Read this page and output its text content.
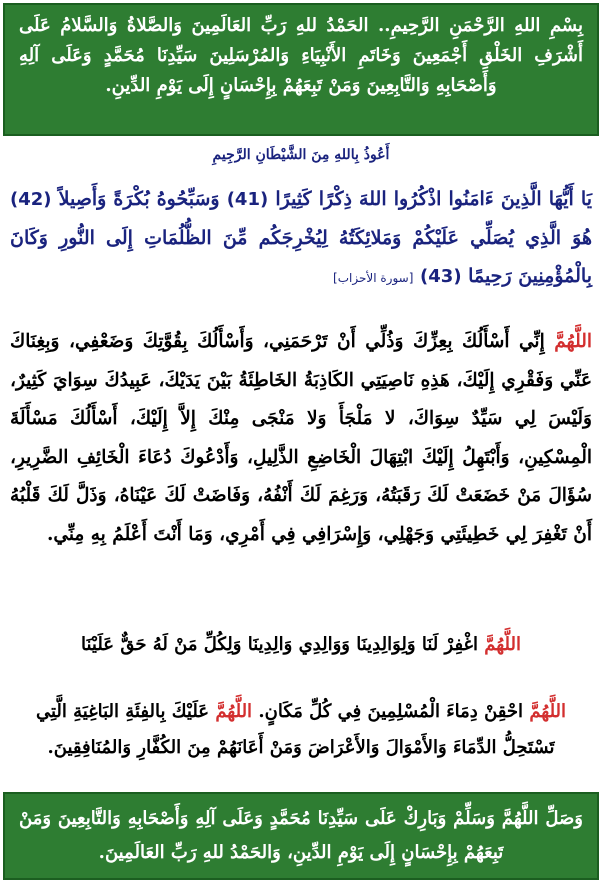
بِسْمِ اللهِ الرَّحْمَنِ الرَّحِيمِ.. الحَمْدُ للهِ رَبِّ العَالَمِينَ وَالصَّلاةُ وَالسَّلامُ عَلَى أَشْرَفِ الخَلْقِ أَجْمَعِينَ وَخَاتَمِ الأَنْبِيَاءِ وَالمُرْسَلِينَ سَيِّدِنَا مُحَمَّدٍ وَعَلَى آلِهِ وَأَصْحَابِهِ وَالتَّابِعِينَ وَمَنْ تَبِعَهُمْ بِإِحْسَانٍ إِلَى يَوْمِ الدِّينِ.
أَعُوذُ بِاللهِ مِنَ الشَّيْطَانِ الرَّجِيمِ
يَا أَيُّهَا الَّذِينَ ءَامَنُوا اذْكُرُوا اللهَ ذِكْرًا كَثِيرًا (41) وَسَبِّحُوهُ بُكْرَةً وَأَصِيلاً (42) هُوَ الَّذِي يُصَلِّي عَلَيْكُمْ وَمَلائِكَتُهُ لِيُخْرِجَكُم مِّنَ الظُّلُمَاتِ إِلَى النُّورِ وَكَانَ بِالْمُؤْمِنِينَ رَحِيمًا (43) [سورة الأحزاب]
اللَّهُمَّ إِنِّي أَسْأَلُكَ بِعِزِّكَ وَذُلِّي أَنْ تَرْحَمَنِي، وَأَسْأَلُكَ بِقُوَّتِكَ وَضَعْفِي، وَبِغِنَاكَ عَنِّي وَفَقْرِي إِلَيْكَ، هَذِهِ نَاصِيَتِي الكَاذِبَةُ الخَاطِئَةُ بَيْنَ يَدَيْكَ، عَبِيدُكَ سِوَايَ كَثِيرٌ، وَلَيْسَ لِي سَيِّدٌ سِوَاكَ، لا مَلْجَأَ وَلا مَنْجَى مِنْكَ إِلاَّ إِلَيْكَ، أَسْأَلُكَ مَسْأَلَةَ الْمِسْكِينِ، وَأَبْتَهِلُ إِلَيْكَ ابْتِهَالَ الْخَاضِعِ الذَّلِيلِ، وَأَدْعُوكَ دُعَاءَ الْخَائِفِ الضَّرِيرِ، سُؤَالَ مَنْ خَضَعَتْ لَكَ رَقَبَتُهُ، وَرَغِمَ لَكَ أَنْفُهُ، وَفَاضَتْ لَكَ عَيْنَاهُ، وَذَلَّ لَكَ قَلْبُهُ أَنْ تَغْفِرَ لِي خَطِيئَتِي وَجَهْلِي، وَإِسْرَافِي فِي أَمْرِي، وَمَا أَنْتَ أَعْلَمُ بِهِ مِنِّي.
اللَّهُمَّ اغْفِرْ لَنَا وَلِوَالِدِينَا وَوَالِدِي وَالِدِينَا وَلِكُلِّ مَنْ لَهُ حَقٌّ عَلَيْنَا
اللَّهُمَّ احْقِنْ دِمَاءَ الْمُسْلِمِينَ فِي كُلِّ مَكَانٍ. اللَّهُمَّ عَلَيْكَ بِالفِئَةِ البَاغِيَةِ الَّتِي تَسْتَحِلُّ الدِّمَاءَ وَالأَمْوَالَ وَالأَعْرَاضَ وَمَنْ أَعَانَهُمْ مِنَ الكُفَّارِ وَالمُنَافِقِينَ.
وَصَلِّ اللَّهُمَّ وَسَلِّمْ وَبَارِكْ عَلَى سَيِّدِنَا مُحَمَّدٍ وَعَلَى آلِهِ وَأَصْحَابِهِ وَالتَّابِعِينَ وَمَنْ تَبِعَهُمْ بِإِحْسَانٍ إِلَى يَوْمِ الدِّينِ، وَالحَمْدُ للهِ رَبِّ العَالَمِينَ.
